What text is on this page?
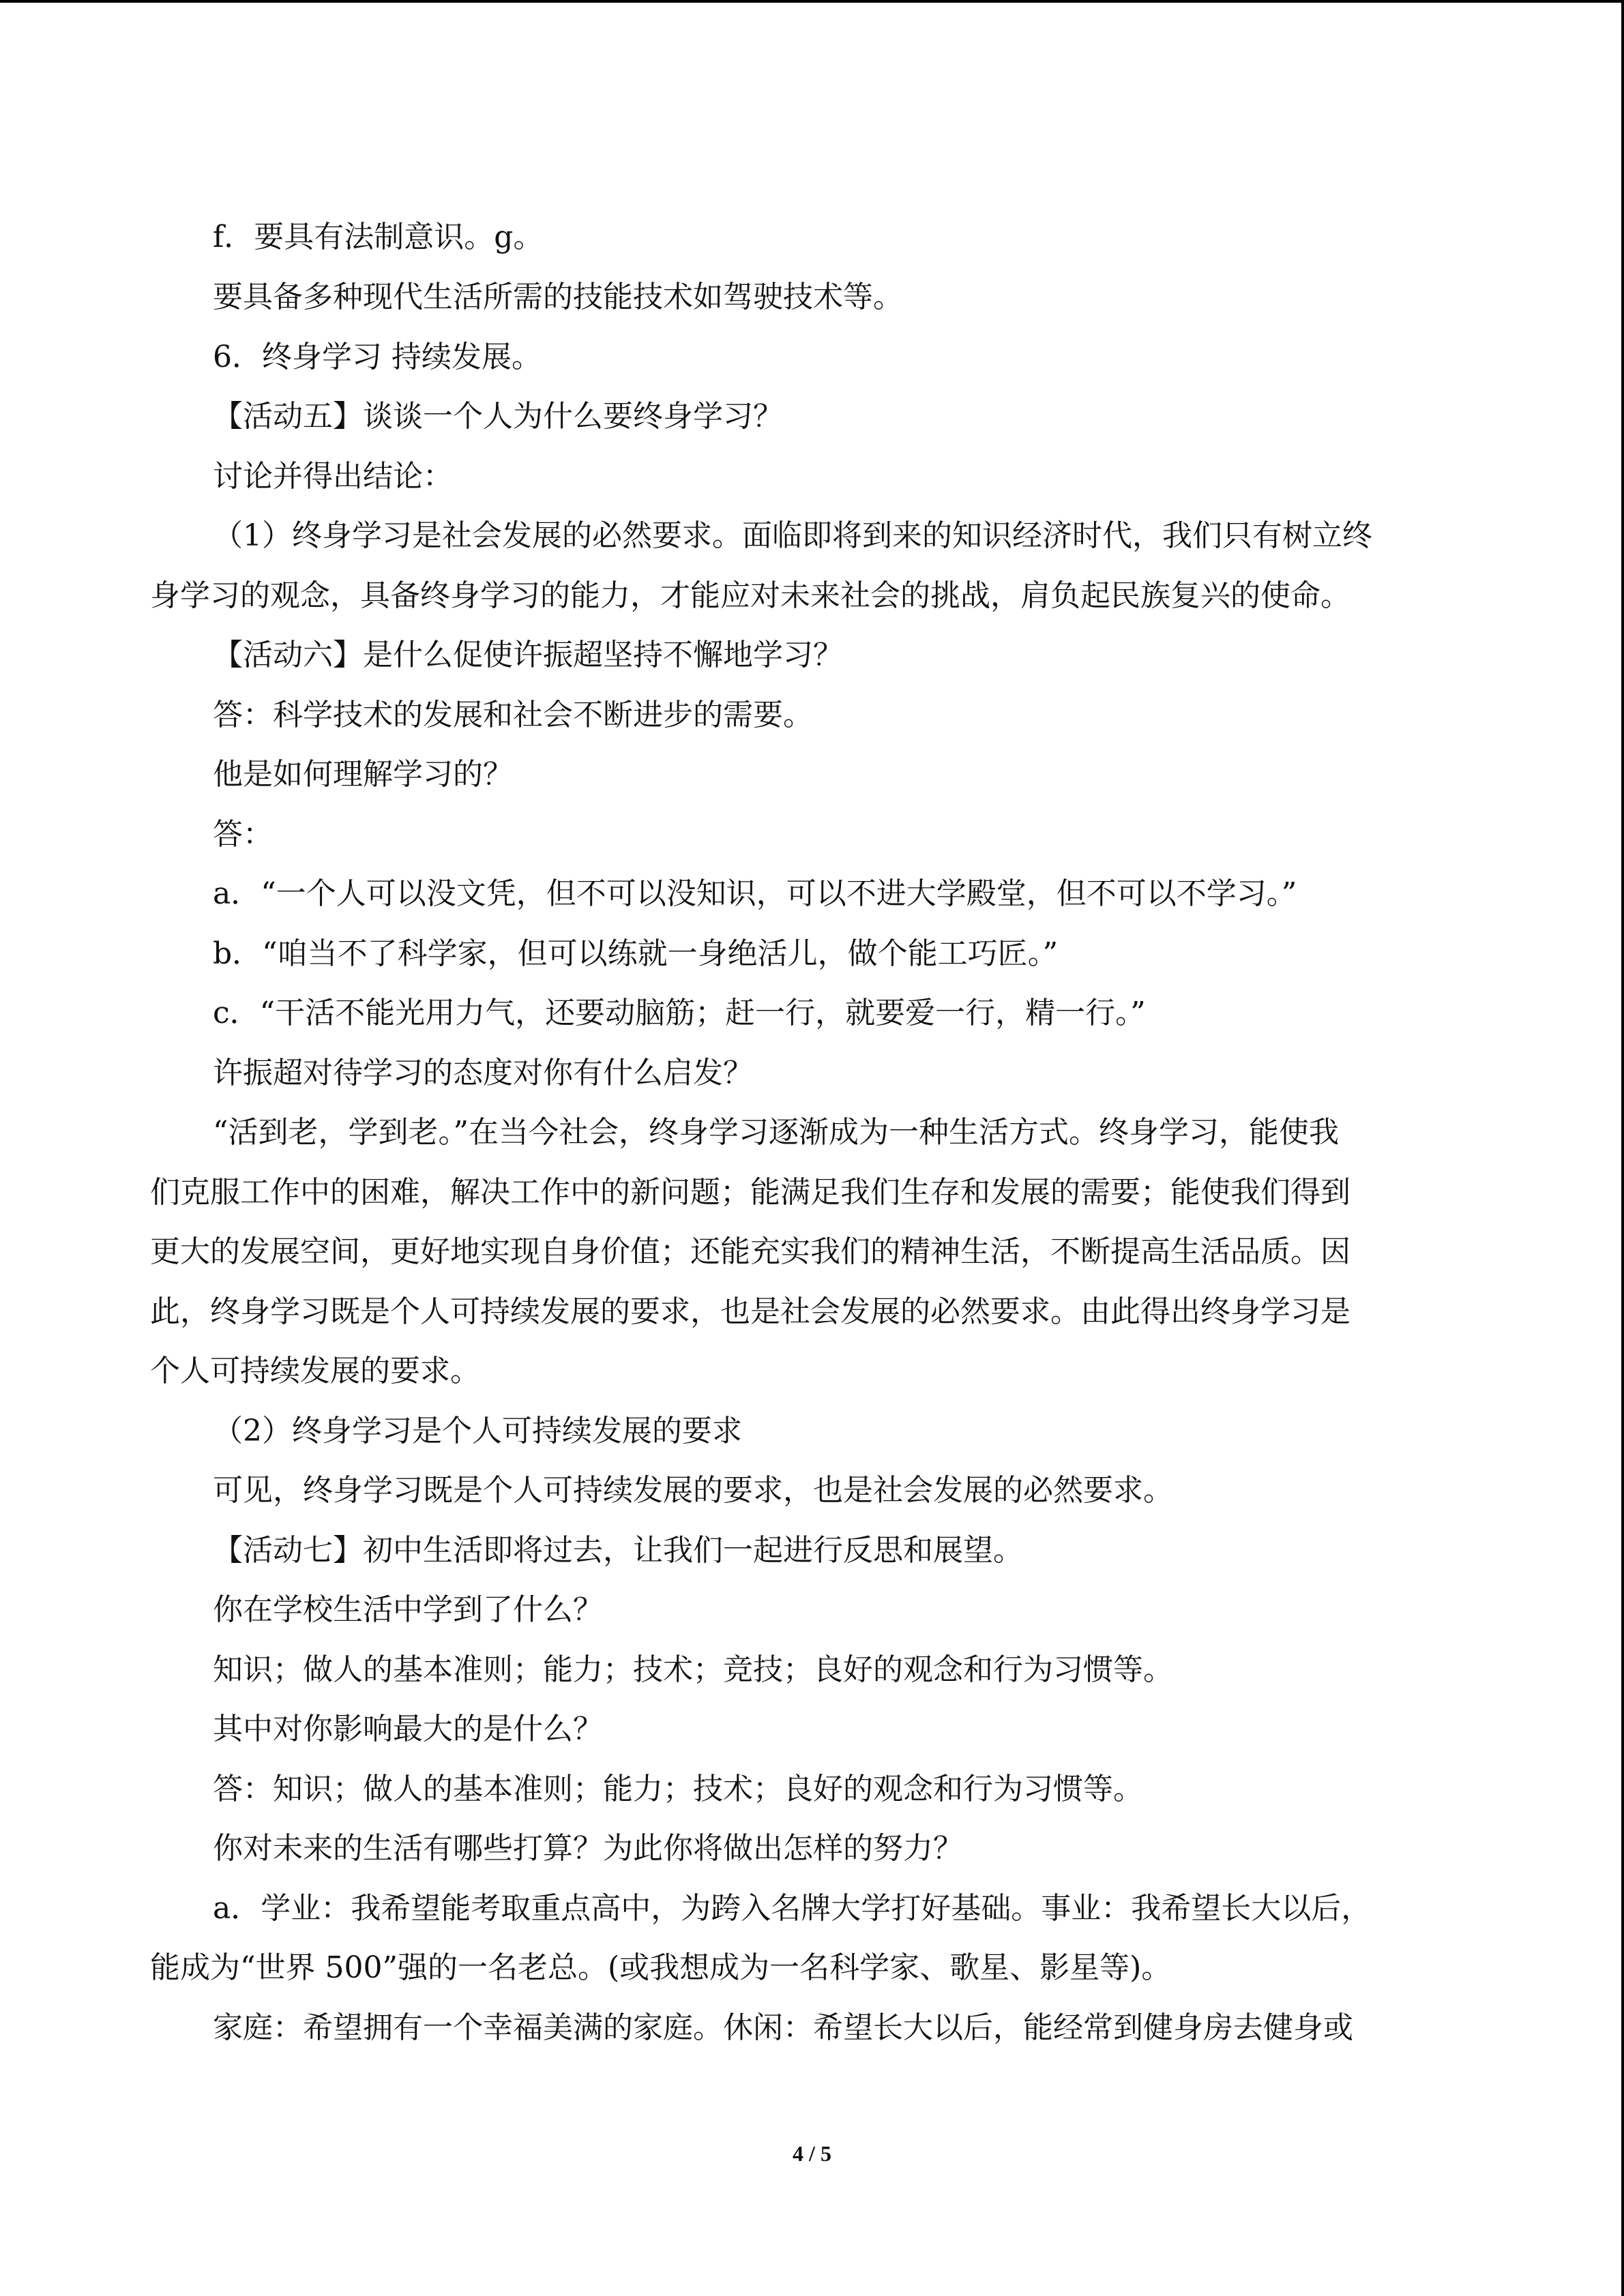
f．要具有法制意识。g。
要具备多种现代生活所需的技能技术如驾驶技术等。
6．终身学习 持续发展。
【活动五】谈谈一个人为什么要终身学习？
讨论并得出结论：
（1）终身学习是社会发展的必然要求。面临即将到来的知识经济时代，我们只有树立终
身学习的观念，具备终身学习的能力，才能应对未来社会的挑战，肩负起民族复兴的使命。
【活动六】是什么促使许振超坚持不懈地学习？
答：科学技术的发展和社会不断进步的需要。
他是如何理解学习的？
答：
a．“一个人可以没文凭，但不可以没知识，可以不进大学殿堂，但不可以不学习。”
b．“咱当不了科学家，但可以练就一身绝活儿，做个能工巧匠。”
c．“干活不能光用力气，还要动脑筋；赶一行，就要爱一行，精一行。”
许振超对待学习的态度对你有什么启发？
“活到老，学到老。”在当今社会，终身学习逐渐成为一种生活方式。终身学习，能使我
们克服工作中的困难，解决工作中的新问题；能满足我们生存和发展的需要；能使我们得到
更大的发展空间，更好地实现自身价值；还能充实我们的精神生活，不断提高生活品质。因
此，终身学习既是个人可持续发展的要求，也是社会发展的必然要求。由此得出终身学习是
个人可持续发展的要求。
（2）终身学习是个人可持续发展的要求
可见，终身学习既是个人可持续发展的要求，也是社会发展的必然要求。
【活动七】初中生活即将过去，让我们一起进行反思和展望。
你在学校生活中学到了什么？
知识；做人的基本准则；能力；技术；竞技；良好的观念和行为习惯等。
其中对你影响最大的是什么？
答：知识；做人的基本准则；能力；技术；良好的观念和行为习惯等。
你对未来的生活有哪些打算？为此你将做出怎样的努力？
a．学业：我希望能考取重点高中，为跨入名牌大学打好基础。事业：我希望长大以后，
能成为“世界 500”强的一名老总。(或我想成为一名科学家、歌星、影星等)。
家庭：希望拥有一个幸福美满的家庭。休闲：希望长大以后，能经常到健身房去健身或
4 / 5
